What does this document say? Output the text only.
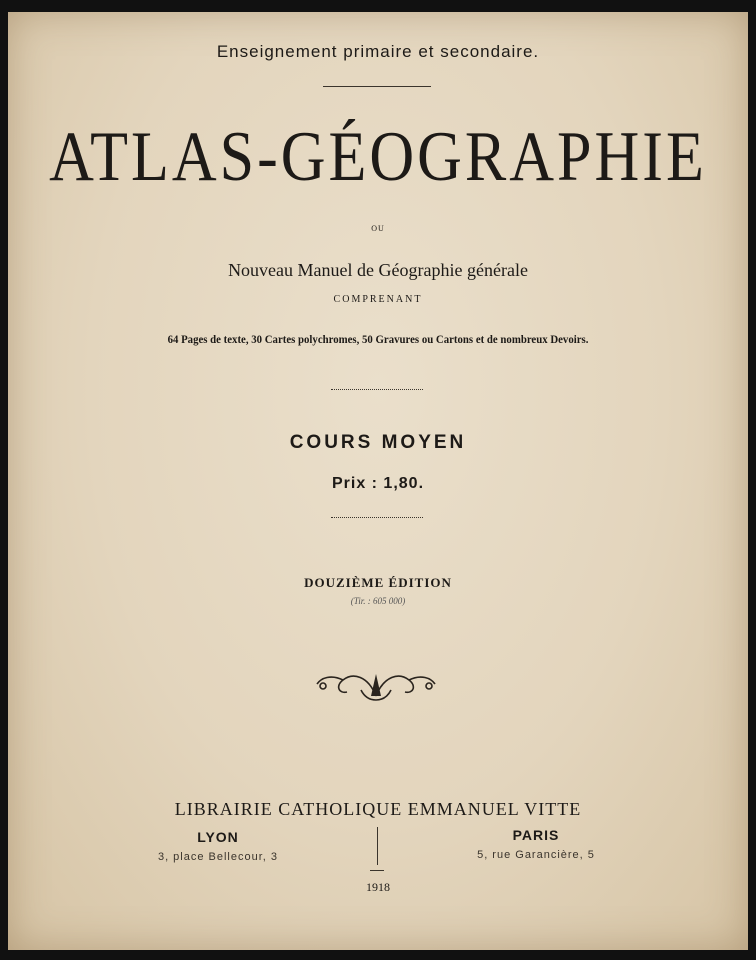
Enseignement primaire et secondaire.
ATLAS-GÉOGRAPHIE
OU
Nouveau Manuel de Géographie générale
COMPRENANT
64 Pages de texte, 30 Cartes polychromes, 50 Gravures ou Cartons et de nombreux Devoirs.
COURS MOYEN
Prix : 1,80.
DOUZIÈME ÉDITION
(Tir. : 605 000)
LIBRAIRIE CATHOLIQUE EMMANUEL VITTE
LYON
3, place Bellecour, 3
PARIS
5, rue Garancière, 5
1918
